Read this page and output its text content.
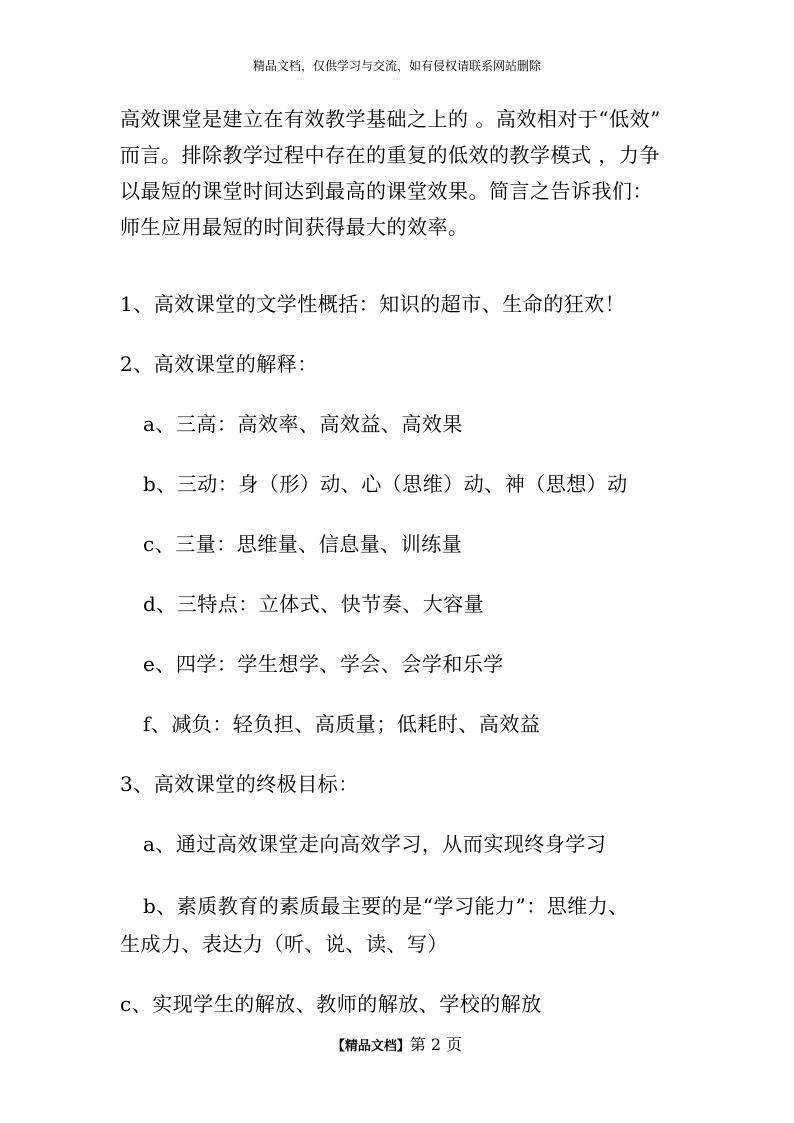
精品文档，仅供学习与交流，如有侵权请联系网站删除
高效课堂是建立在有效教学基础之上的 。高效相对于“低效”
而言。排除教学过程中存在的重复的低效的教学模式 ，力争
以最短的课堂时间达到最高的课堂效果。简言之告诉我们：
师生应用最短的时间获得最大的效率。
1、高效课堂的文学性概括：知识的超市、生命的狂欢！
2、高效课堂的解释：
a、三高：高效率、高效益、高效果
b、三动：身（形）动、心（思维）动、神（思想）动
c、三量：思维量、信息量、训练量
d、三特点：立体式、快节奏、大容量
e、四学：学生想学、学会、会学和乐学
f、减负：轻负担、高质量；低耗时、高效益
3、高效课堂的终极目标：
a、通过高效课堂走向高效学习，从而实现终身学习
b、素质教育的素质最主要的是“学习能力”：思维力、
生成力、表达力（听、说、读、写）
c、实现学生的解放、教师的解放、学校的解放
【精品文档】第 2 页
